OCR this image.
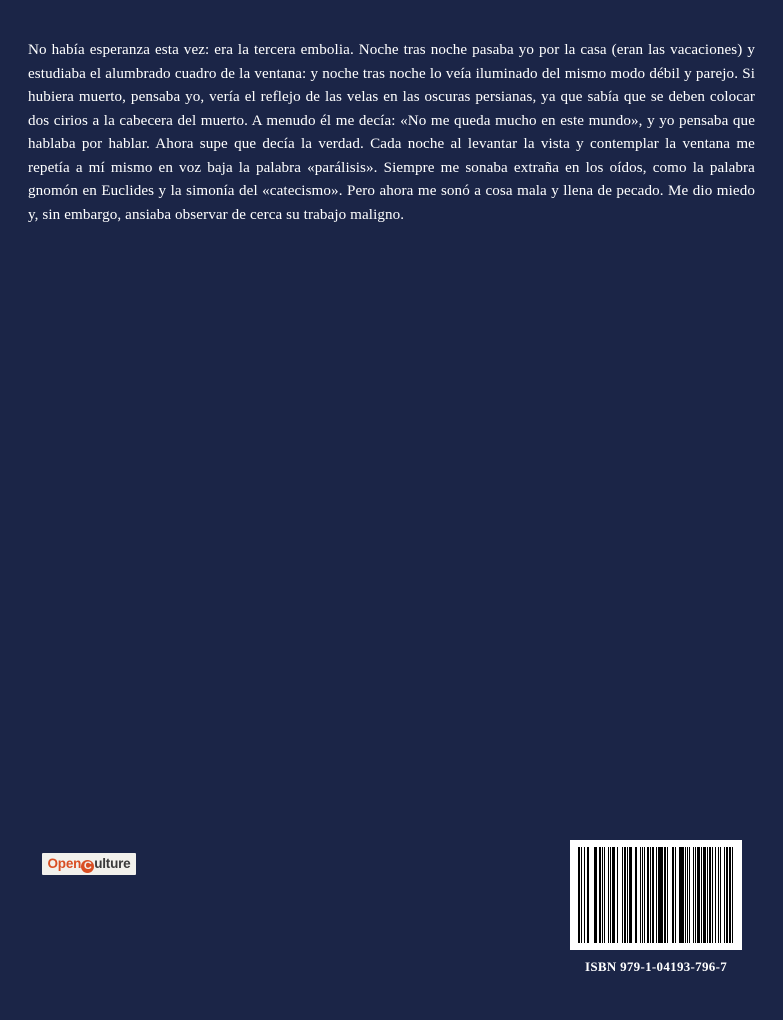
No había esperanza esta vez: era la tercera embolia. Noche tras noche pasaba yo por la casa (eran las vacaciones) y estudiaba el alumbrado cuadro de la ventana: y noche tras noche lo veía iluminado del mismo modo débil y parejo. Si hubiera muerto, pensaba yo, vería el reflejo de las velas en las oscuras persianas, ya que sabía que se deben colocar dos cirios a la cabecera del muerto. A menudo él me decía: «No me queda mucho en este mundo», y yo pensaba que hablaba por hablar. Ahora supe que decía la verdad. Cada noche al levantar la vista y contemplar la ventana me repetía a mí mismo en voz baja la palabra «parálisis». Siempre me sonaba extraña en los oídos, como la palabra gnomón en Euclides y la simonía del «catecismo». Pero ahora me sonó a cosa mala y llena de pecado. Me dio miedo y, sin embargo, ansiaba observar de cerca su trabajo maligno.

Open C ulture
ISBN 979-1-04193-796-7
